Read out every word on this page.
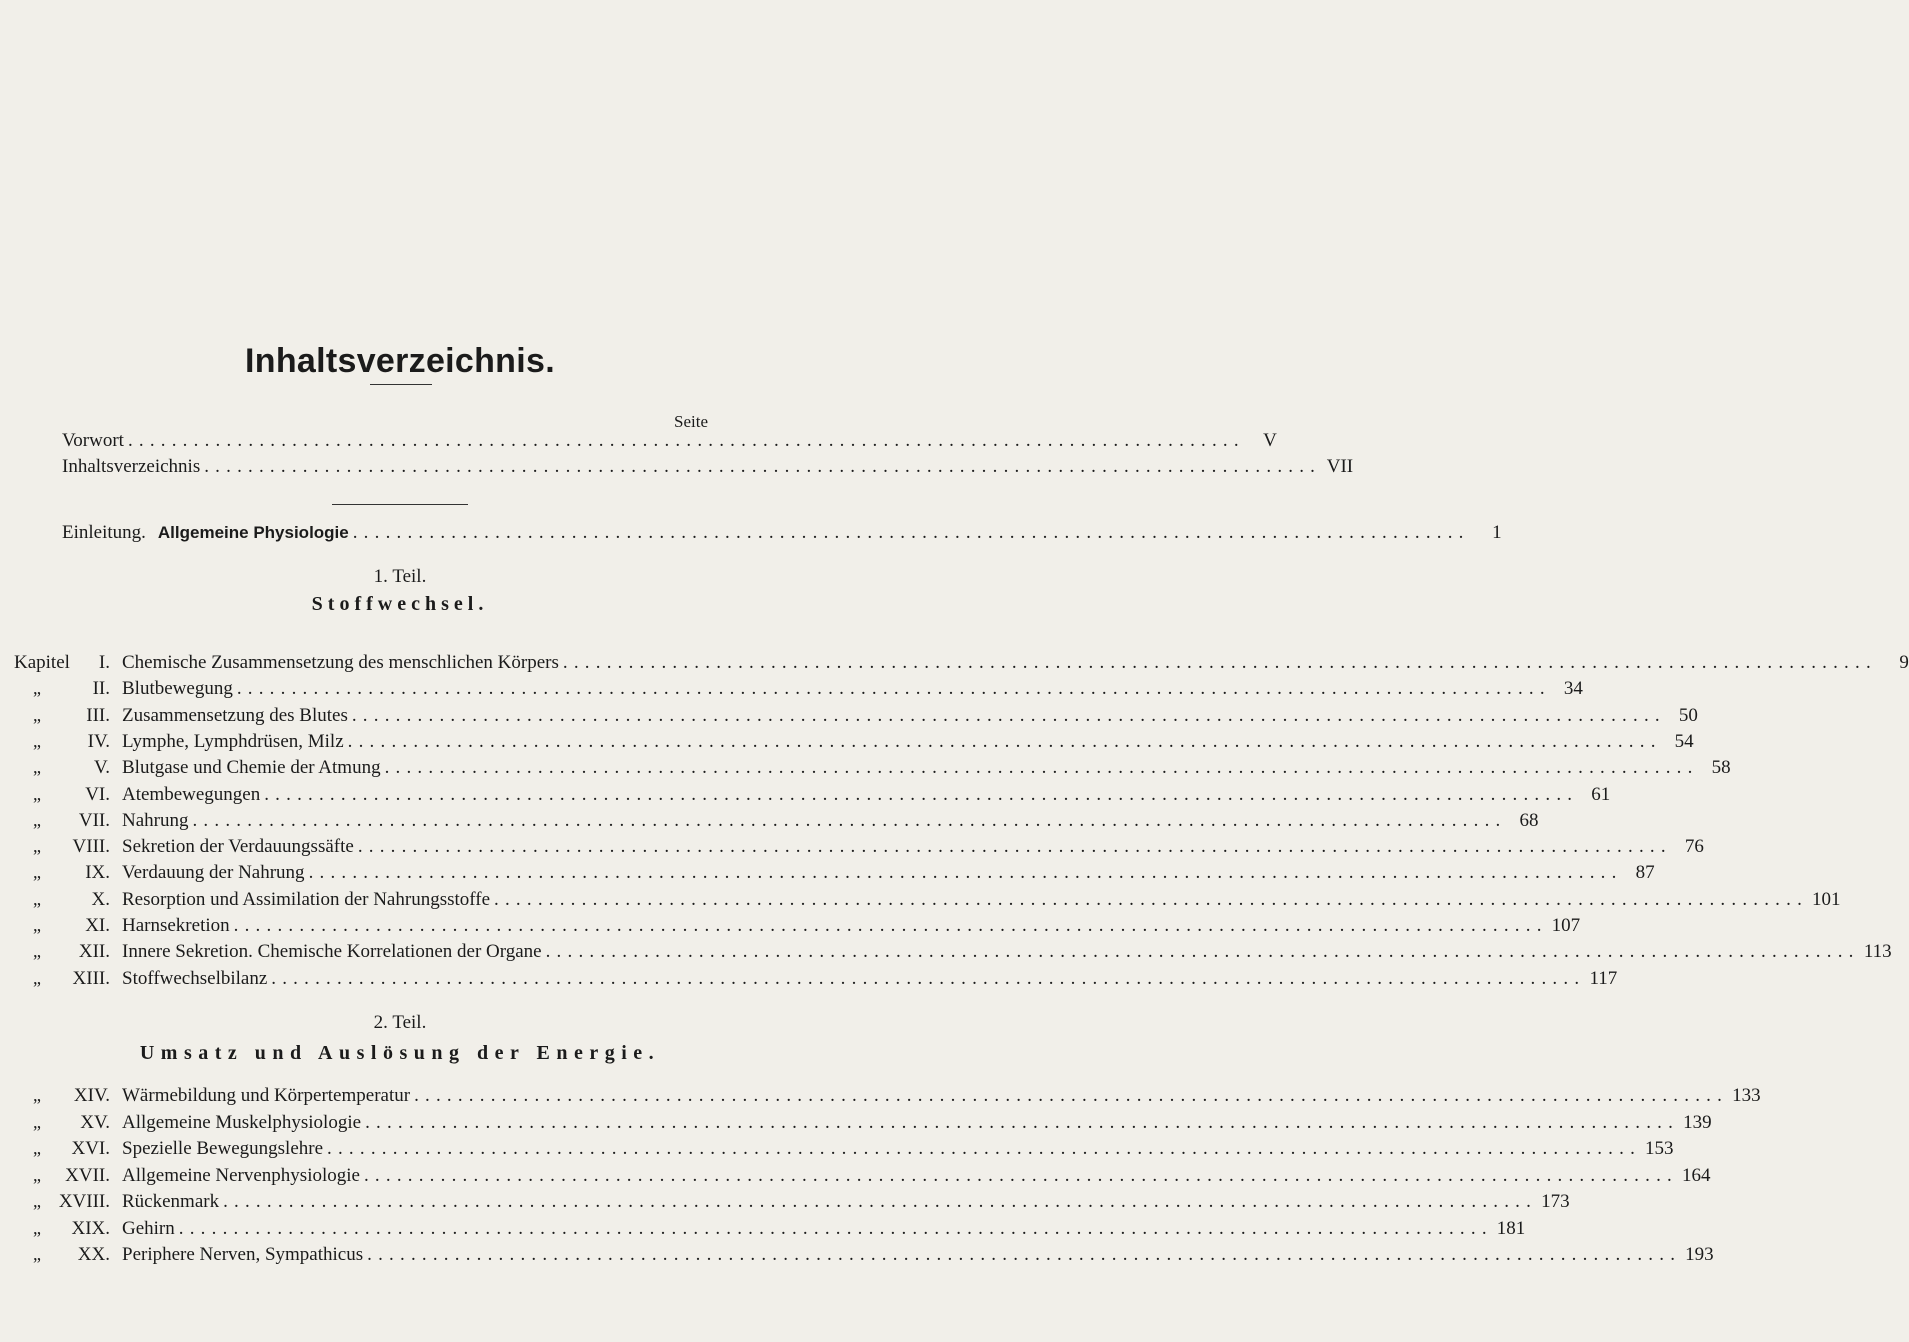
Inhaltsverzeichnis.
Seite
Vorwort ...................................................................................................... V
Inhaltsverzeichnis ...................................................................................................... VII
Einleitung. Allgemeine Physiologie ......................................................................................................	1
1. Teil.
Stoffwechsel.
Kapitel	I. Chemische Zusammensetzung des menschlichen Körpers ........................................................................................................................	9
„	II. Blutbewegung ........................................................................................................................ 34
„	III. Zusammensetzung des Blutes ........................................................................................................................ 50
„	IV. Lymphe, Lymphdrüsen, Milz ........................................................................................................................ 54
„	V. Blutgase und Chemie der Atmung ........................................................................................................................ 58
„	VI. Atembewegungen ........................................................................................................................ 61
„	VII. Nahrung ........................................................................................................................ 68
„	VIII. Sekretion der Verdauungssäfte ........................................................................................................................ 76
„	IX. Verdauung der Nahrung ........................................................................................................................ 87
„	X. Resorption und Assimilation der Nahrungsstoffe ........................................................................................................................ 101
„	XI. Harnsekretion ........................................................................................................................ 107
„	XII. Innere Sekretion. Chemische Korrelationen der Organe ........................................................................................................................ 113
„	XIII. Stoffwechselbilanz ........................................................................................................................ 117
2. Teil.
Umsatz und Auslösung der Energie.
„	XIV. Wärmebildung und Körpertemperatur ........................................................................................................................ 133
„	XV. Allgemeine Muskelphysiologie ........................................................................................................................ 139
„	XVI. Spezielle Bewegungslehre ........................................................................................................................ 153
„	XVII. Allgemeine Nervenphysiologie ........................................................................................................................ 164
„ XVIII. Rückenmark ........................................................................................................................ 173
„	XIX. Gehirn ........................................................................................................................ 181
„	XX. Periphere Nerven, Sympathicus ........................................................................................................................ 193
